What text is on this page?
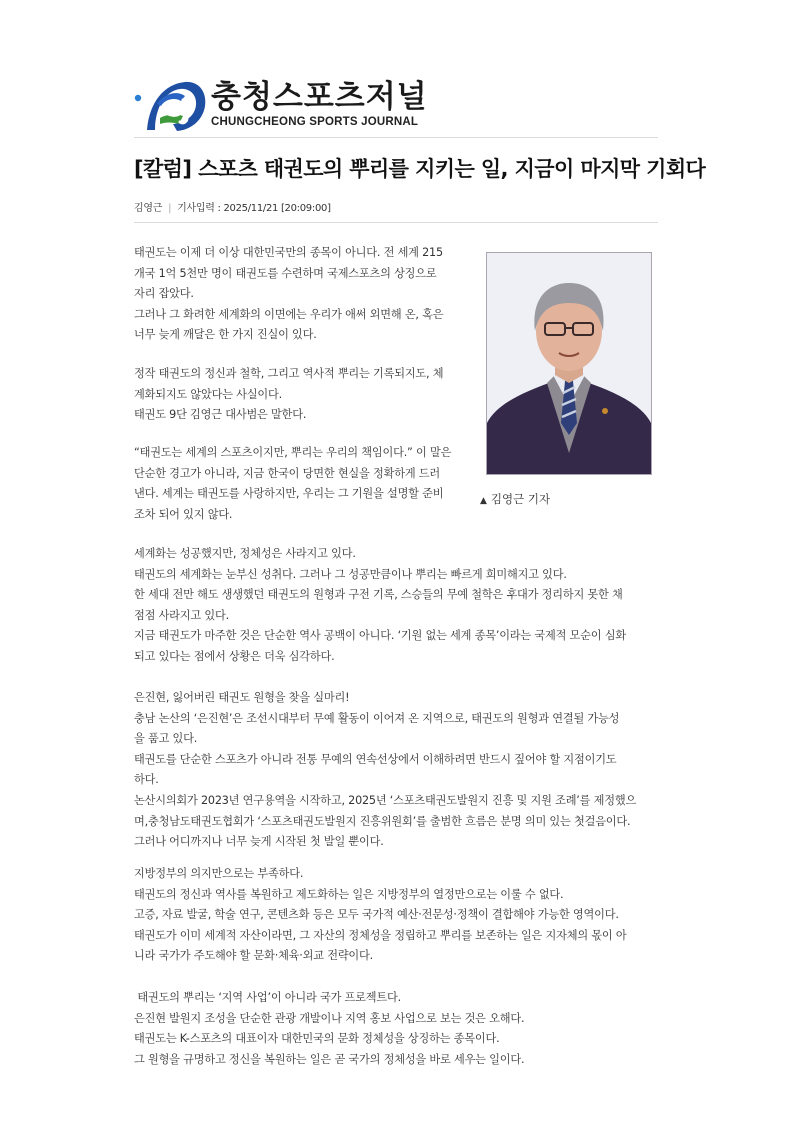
충청스포츠저널
CHUNGCHEONG SPORTS JOURNAL
[칼럼] 스포츠 태권도의 뿌리를 지키는 일, 지금이 마지막 기회다
김영근 | 기사입력 : 2025/11/21 [20:09:00]
▲ 김영근 기자

태권도는 이제 더 이상 대한민국만의 종목이 아니다. 전 세계 215

개국 1억 5천만 명이 태권도를 수련하며 국제스포츠의 상징으로

자리 잡았다.

그러나 그 화려한 세계화의 이면에는 우리가 애써 외면해 온, 혹은

너무 늦게 깨달은 한 가지 진실이 있다.

정작 태권도의 정신과 철학, 그리고 역사적 뿌리는 기록되지도, 체

계화되지도 않았다는 사실이다.

태권도 9단 김영근 대사범은 말한다.

“태권도는 세계의 스포츠이지만, 뿌리는 우리의 책임이다.” 이 말은

단순한 경고가 아니라, 지금 한국이 당면한 현실을 정확하게 드러

낸다. 세계는 태권도를 사랑하지만, 우리는 그 기원을 설명할 준비

조차 되어 있지 않다.

세계화는 성공했지만, 정체성은 사라지고 있다.

태권도의 세계화는 눈부신 성취다. 그러나 그 성공만큼이나 뿌리는 빠르게 희미해지고 있다.

한 세대 전만 해도 생생했던 태권도의 원형과 구전 기록, 스승들의 무예 철학은 후대가 정리하지 못한 채

점점 사라지고 있다.

지금 태권도가 마주한 것은 단순한 역사 공백이 아니다. ‘기원 없는 세계 종목’이라는 국제적 모순이 심화

되고 있다는 점에서 상황은 더욱 심각하다.

은진현, 잃어버린 태권도 원형을 찾을 실마리!

충남 논산의 ‘은진현’은 조선시대부터 무예 활동이 이어져 온 지역으로, 태권도의 원형과 연결될 가능성

을 품고 있다.

태권도를 단순한 스포츠가 아니라 전통 무예의 연속선상에서 이해하려면 반드시 짚어야 할 지점이기도

하다.

논산시의회가 2023년 연구용역을 시작하고, 2025년 ‘스포츠태권도발원지 진흥 및 지원 조례’를 제정했으

며,충청남도태권도협회가 ‘스포츠태권도발원지 진흥위원회’를 출범한 흐름은 분명 의미 있는 첫걸음이다.

그러나 어디까지나 너무 늦게 시작된 첫 발일 뿐이다.

지방정부의 의지만으로는 부족하다.

태권도의 정신과 역사를 복원하고 제도화하는 일은 지방정부의 열정만으로는 이룰 수 없다.

고증, 자료 발굴, 학술 연구, 콘텐츠화 등은 모두 국가적 예산·전문성·정책이 결합해야 가능한 영역이다.

태권도가 이미 세계적 자산이라면, 그 자산의 정체성을 정립하고 뿌리를 보존하는 일은 지자체의 몫이 아

니라 국가가 주도해야 할 문화·체육·외교 전략이다.

태권도의 뿌리는 ‘지역 사업’이 아니라 국가 프로젝트다.

은진현 발원지 조성을 단순한 관광 개발이나 지역 홍보 사업으로 보는 것은 오해다.

태권도는 K-스포츠의 대표이자 대한민국의 문화 정체성을 상징하는 종목이다.

그 원형을 규명하고 정신을 복원하는 일은 곧 국가의 정체성을 바로 세우는 일이다.
